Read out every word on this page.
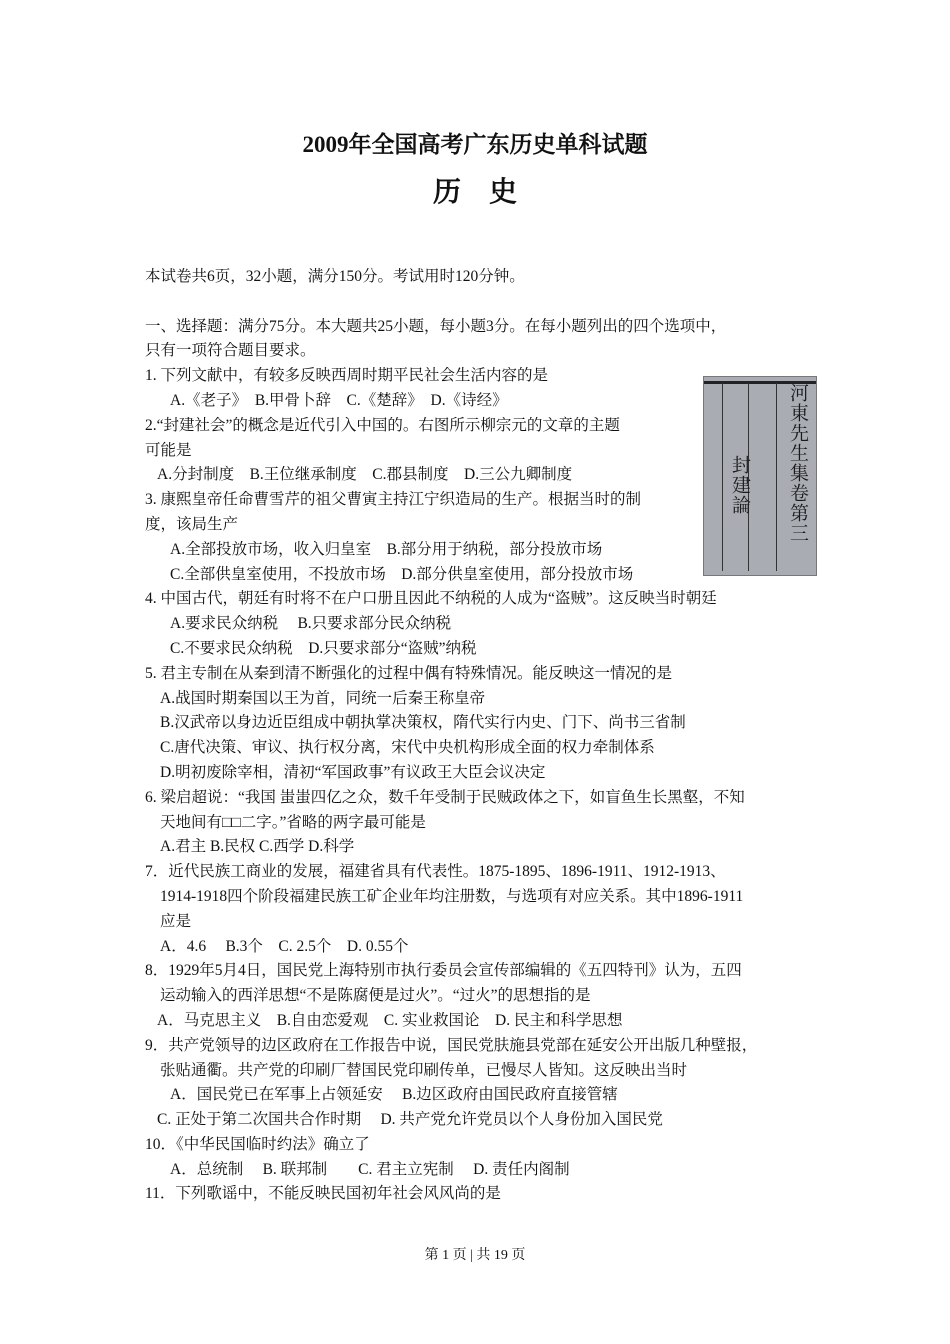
2009年全国高考广东历史单科试题
历史
本试卷共6页，32小题，满分150分。考试用时120分钟。
一、选择题：满分75分。本大题共25小题，每小题3分。在每小题列出的四个选项中，
只有一项符合题目要求。
1. 下列文献中，有较多反映西周时期平民社会生活内容的是
A.《老子》　B.甲骨卜辞　C.《楚辞》　D.《诗经》
2.“封建社会”的概念是近代引入中国的。右图所示柳宗元的文章的主题
可能是
A.分封制度　B.王位继承制度　C.郡县制度　D.三公九卿制度
3. 康熙皇帝任命曹雪芹的祖父曹寅主持江宁织造局的生产。根据当时的制
度，该局生产
A.全部投放市场，收入归皇室　B.部分用于纳税，部分投放市场
C.全部供皇室使用，不投放市场　D.部分供皇室使用，部分投放市场
4. 中国古代，朝廷有时将不在户口册且因此不纳税的人成为“盗贼”。这反映当时朝廷
A.要求民众纳税　 B.只要求部分民众纳税
C.不要求民众纳税　D.只要求部分“盗贼”纳税
5. 君主专制在从秦到清不断强化的过程中偶有特殊情况。能反映这一情况的是
A.战国时期秦国以王为首，同统一后秦王称皇帝
B.汉武帝以身边近臣组成中朝执掌决策权，隋代实行内史、门下、尚书三省制
C.唐代决策、审议、执行权分离，宋代中央机构形成全面的权力牵制体系
D.明初废除宰相，清初“军国政事”有议政王大臣会议决定
6. 梁启超说：“我国 蚩蚩四亿之众，数千年受制于民贼政体之下，如盲鱼生长黑壑，不知
天地间有□□二字。”省略的两字最可能是
A.君主 B.民权 C.西学 D.科学
7．近代民族工商业的发展，福建省具有代表性。1875-1895、1896-1911、1912-1913、
1914-1918四个阶段福建民族工矿企业年均注册数，与选项有对应关系。其中1896-1911
应是
A．4.6　 B.3个　C. 2.5个　D. 0.55个
8．1929年5月4日，国民党上海特别市执行委员会宣传部编辑的《五四特刊》认为，五四
运动输入的西洋思想“不是陈腐便是过火”。“过火”的思想指的是
A．马克思主义　B.自由恋爱观　C. 实业救国论　D. 民主和科学思想
9．共产党领导的边区政府在工作报告中说，国民党肤施县党部在延安公开出版几种壁报，
张贴通衢。共产党的印刷厂替国民党印刷传单，已慢尽人皆知。这反映出当时
A．国民党已在军事上占领延安　 B.边区政府由国民政府直接管辖
C. 正处于第二次国共合作时期　 D. 共产党允许党员以个人身份加入国民党
10．《中华民国临时约法》确立了
A．总统制　 B. 联邦制　　C. 君主立宪制　 D. 责任内阁制
11．下列歌谣中，不能反映民国初年社会风风尚的是
河東先生集卷第三
封建論
第 1 页 | 共 19 页
